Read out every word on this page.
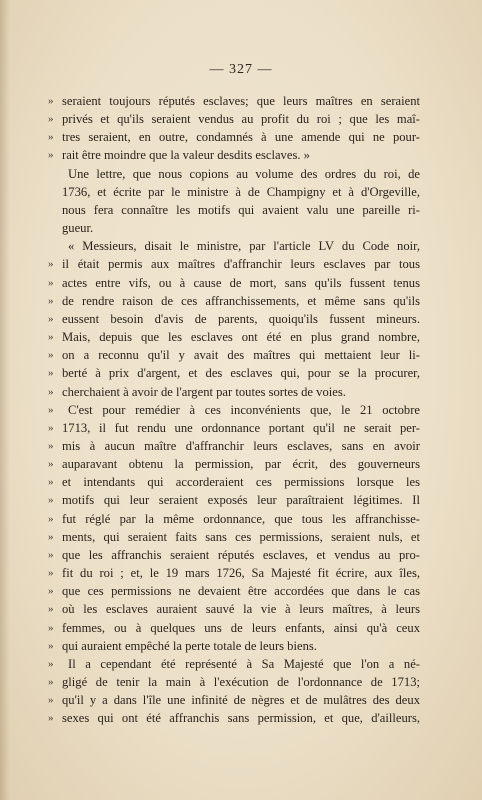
— 327 —
» seraient toujours réputés esclaves; que leurs maîtres en seraient
» privés et qu'ils seraient vendus au profit du roi ; que les maî-
» tres seraient, en outre, condamnés à une amende qui ne pour-
» rait être moindre que la valeur desdits esclaves. »
Une lettre, que nous copions au volume des ordres du roi, de
1736, et écrite par le ministre à de Champigny et à d'Orgeville,
nous fera connaître les motifs qui avaient valu une pareille ri-
gueur.
« Messieurs, disait le ministre, par l'article LV du Code noir,
» il était permis aux maîtres d'affranchir leurs esclaves par tous
» actes entre vifs, ou à cause de mort, sans qu'ils fussent tenus
» de rendre raison de ces affranchissements, et même sans qu'ils
» eussent besoin d'avis de parents, quoiqu'ils fussent mineurs.
» Mais, depuis que les esclaves ont été en plus grand nombre,
» on a reconnu qu'il y avait des maîtres qui mettaient leur li-
» berté à prix d'argent, et des esclaves qui, pour se la procurer,
» cherchaient à avoir de l'argent par toutes sortes de voies.
»	C'est pour remédier à ces inconvénients que, le 21 octobre
» 1713, il fut rendu une ordonnance portant qu'il ne serait per-
» mis à aucun maître d'affranchir leurs esclaves, sans en avoir
» auparavant obtenu la permission, par écrit, des gouverneurs
» et intendants qui accorderaient ces permissions lorsque les
» motifs qui leur seraient exposés leur paraîtraient légitimes. Il
» fut réglé par la même ordonnance, que tous les affranchisse-
» ments, qui seraient faits sans ces permissions, seraient nuls, et
» que les affranchis seraient réputés esclaves, et vendus au pro-
» fit du roi ; et, le 19 mars 1726, Sa Majesté fit écrire, aux îles,
» que ces permissions ne devaient être accordées que dans le cas
» où les esclaves auraient sauvé la vie à leurs maîtres, à leurs
» femmes, ou à quelques uns de leurs enfants, ainsi qu'à ceux
» qui auraient empêché la perte totale de leurs biens.
»	Il a cependant été représenté à Sa Majesté que l'on a né-
» gligé de tenir la main à l'exécution de l'ordonnance de 1713;
» qu'il y a dans l'île une infinité de nègres et de mulâtres des deux
» sexes qui ont été affranchis sans permission, et que, d'ailleurs,
